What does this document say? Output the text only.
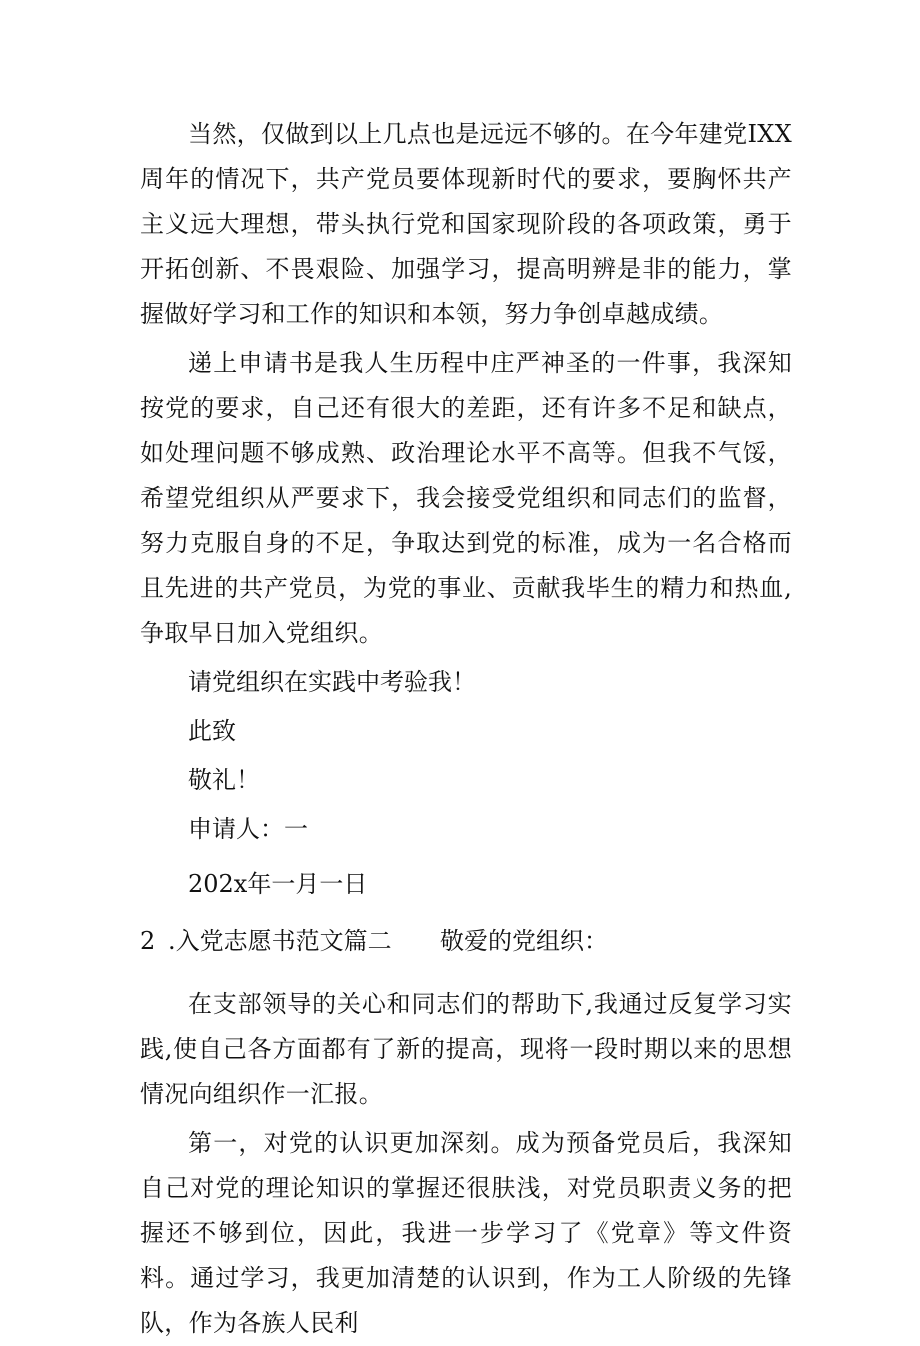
当然，仅做到以上几点也是远远不够的。在今年建党IXX周年的情况下，共产党员要体现新时代的要求，要胸怀共产主义远大理想，带头执行党和国家现阶段的各项政策，勇于开拓创新、不畏艰险、加强学习，提高明辨是非的能力，掌握做好学习和工作的知识和本领，努力争创卓越成绩。

递上申请书是我人生历程中庄严神圣的一件事，我深知按党的要求，自己还有很大的差距，还有许多不足和缺点，如处理问题不够成熟、政治理论水平不高等。但我不气馁，希望党组织从严要求下，我会接受党组织和同志们的监督，努力克服自身的不足，争取达到党的标准，成为一名合格而且先进的共产党员，为党的事业、贡献我毕生的精力和热血,争取早日加入党组织。

请党组织在实践中考验我！

此致

敬礼！

申请人：一

202x年一月一日

2 .入党志愿书范文篇二	敬爱的党组织：

在支部领导的关心和同志们的帮助下,我通过反复学习实践,使自己各方面都有了新的提高，现将一段时期以来的思想情况向组织作一汇报。

第一，对党的认识更加深刻。成为预备党员后，我深知自己对党的理论知识的掌握还很肤浅，对党员职责义务的把握还不够到位，因此，我进一步学习了《党章》等文件资料。通过学习，我更加清楚的认识到，作为工人阶级的先锋队，作为各族人民利
